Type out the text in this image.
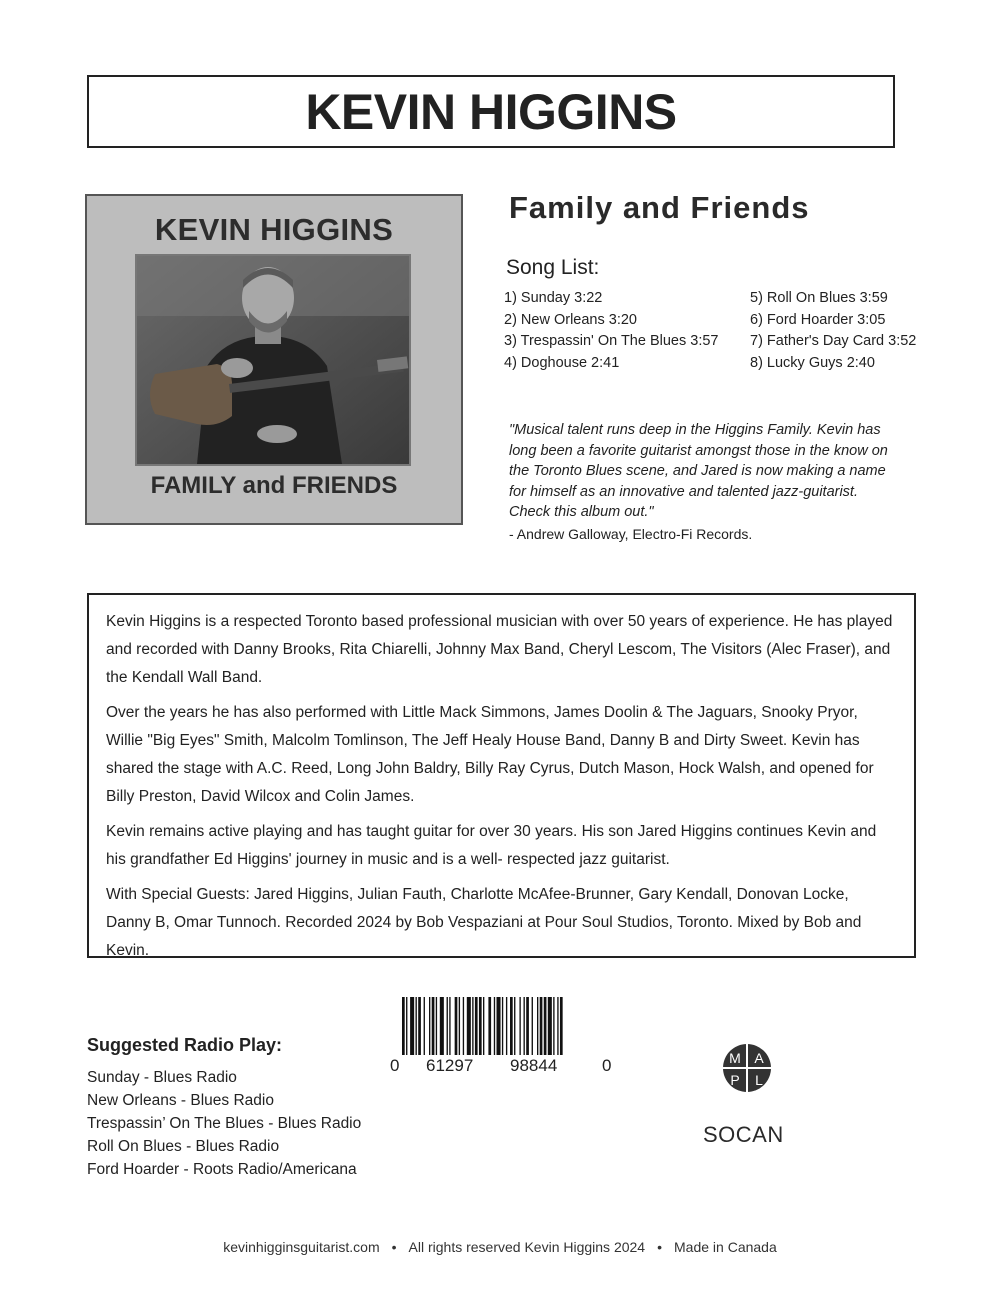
KEVIN HIGGINS
KEVIN HIGGINS
FAMILY and FRIENDS
Family and Friends
Song List:
1) Sunday 3:22
2) New Orleans 3:20
3) Trespassin' On The Blues 3:57
4) Doghouse 2:41
5) Roll On Blues 3:59
6) Ford Hoarder 3:05
7) Father's Day Card 3:52
8) Lucky Guys 2:40

"Musical talent runs deep in the Higgins Family. Kevin has long been a favorite guitarist amongst those in the know on the Toronto Blues scene, and Jared is now making a name for himself as an innovative and talented jazz-guitarist. Check this album out."

- Andrew Galloway, Electro-Fi Records.

Kevin Higgins is a respected Toronto based professional musician with over 50 years of experience. He has played and recorded with Danny Brooks, Rita Chiarelli, Johnny Max Band, Cheryl Lescom, The Visitors (Alec Fraser), and the Kendall Wall Band.

Over the years he has also performed with Little Mack Simmons, James Doolin & The Jaguars, Snooky Pryor, Willie "Big Eyes" Smith, Malcolm Tomlinson, The Jeff Healy House Band, Danny B and Dirty Sweet. Kevin has shared the stage with A.C. Reed, Long John Baldry, Billy Ray Cyrus, Dutch Mason, Hock Walsh, and opened for Billy Preston, David Wilcox and Colin James.

Kevin remains active playing and has taught guitar for over 30 years. His son Jared Higgins continues Kevin and his grandfather Ed Higgins' journey in music and is a well- respected jazz guitarist.

With Special Guests: Jared Higgins, Julian Fauth, Charlotte McAfee-Brunner, Gary Kendall, Donovan Locke, Danny B, Omar Tunnoch. Recorded 2024 by Bob Vespaziani at Pour Soul Studios, Toronto. Mixed by Bob and Kevin.

0 61297 98844	0	M A
P L
SOCAN
Suggested Radio Play:
Sunday - Blues Radio
New Orleans - Blues Radio
Trespassin’ On The Blues - Blues Radio
Roll On Blues - Blues Radio
Ford Hoarder - Roots Radio/Americana
kevinhigginsguitarist.com • All rights reserved Kevin Higgins 2024 • Made in Canada
